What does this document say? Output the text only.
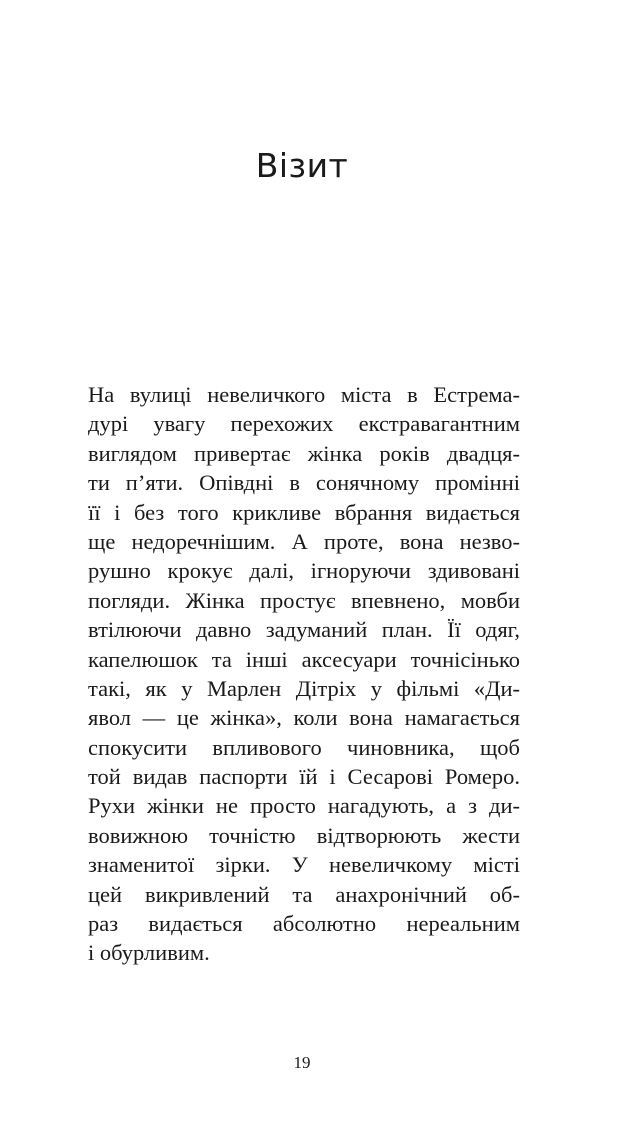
Візит
На вулиці невеличкого міста в Естрема-
дурі увагу перехожих екстравагантним
виглядом привертає жінка років двадця-
ти п’яти. Опівдні в сонячному промінні
її і без того крикливе вбрання видається
ще недоречнішим. А проте, вона незво-
рушно крокує далі, ігноруючи здивовані
погляди. Жінка простує впевнено, мовби
втілюючи давно задуманий план. Її одяг,
капелюшок та інші аксесуари точнісінько
такі, як у Марлен Дітріх у фільмі «Ди-
явол — це жінка», коли вона намагається
спокусити впливового чиновника, щоб
той видав паспорти їй і Сесарові Ромеро.
Рухи жінки не просто нагадують, а з ди-
вовижною точністю відтворюють жести
знаменитої зірки. У невеличкому місті
цей викривлений та анахронічний об-
раз видається абсолютно нереальним
і обурливим.
19
